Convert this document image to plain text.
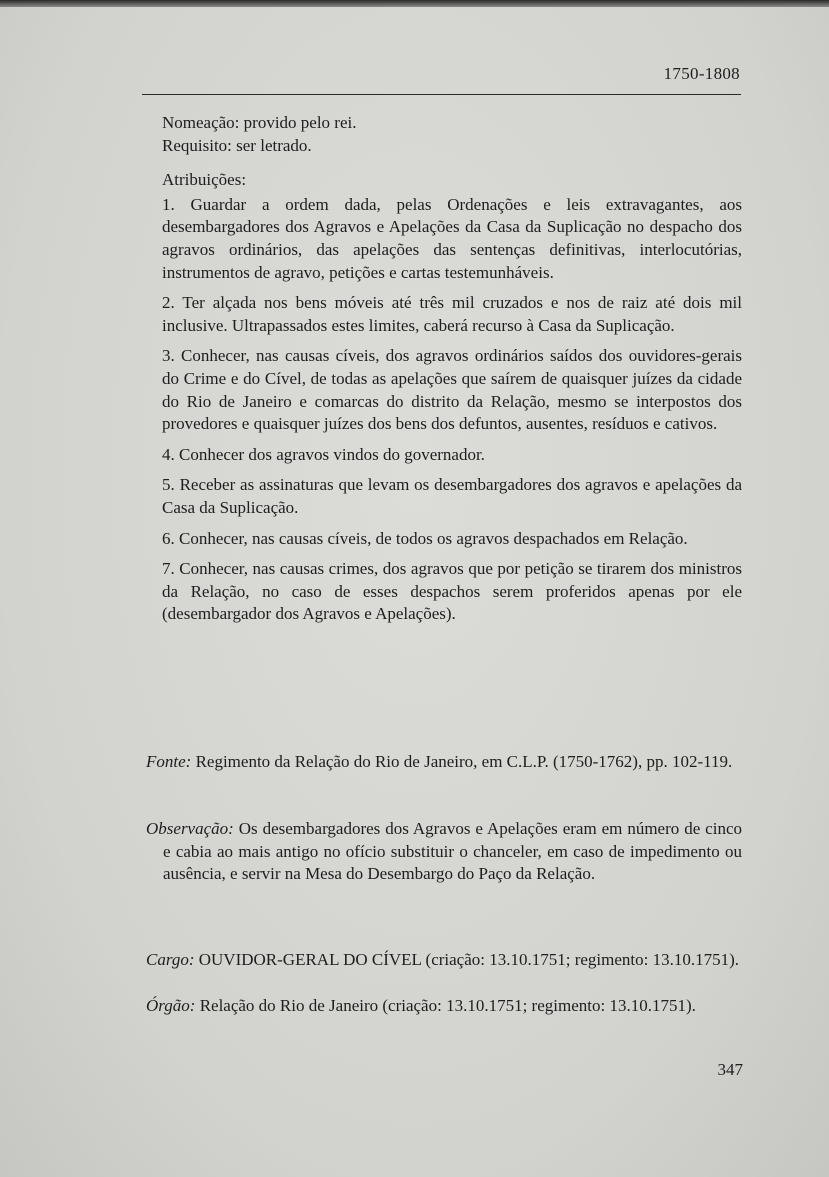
1750-1808

Nomeação: provido pelo rei.

Requisito: ser letrado.

Atribuições:

1. Guardar a ordem dada, pelas Ordenações e leis extravagantes, aos desembargadores dos Agravos e Apelações da Casa da Suplicação no despacho dos agravos ordinários, das apelações das sentenças definitivas, interlocutórias, instrumentos de agravo, petições e cartas testemunháveis.

2. Ter alçada nos bens móveis até três mil cruzados e nos de raiz até dois mil inclusive. Ultrapassados estes limites, caberá recurso à Casa da Suplicação.

3. Conhecer, nas causas cíveis, dos agravos ordinários saídos dos ouvidores-gerais do Crime e do Cível, de todas as apelações que saírem de quaisquer juízes da cidade do Rio de Janeiro e comarcas do distrito da Relação, mesmo se interpostos dos provedores e quaisquer juízes dos bens dos defuntos, ausentes, resíduos e cativos.

4. Conhecer dos agravos vindos do governador.

5. Receber as assinaturas que levam os desembargadores dos agravos e apelações da Casa da Suplicação.

6. Conhecer, nas causas cíveis, de todos os agravos despachados em Relação.

7. Conhecer, nas causas crimes, dos agravos que por petição se tirarem dos ministros da Relação, no caso de esses despachos serem proferidos apenas por ele (desembargador dos Agravos e Apelações).

Fonte: Regimento da Relação do Rio de Janeiro, em C.L.P. (1750-1762), pp. 102-119.

Observação: Os desembargadores dos Agravos e Apelações eram em número de cinco e cabia ao mais antigo no ofício substituir o chanceler, em caso de impedimento ou ausência, e servir na Mesa do Desembargo do Paço da Relação.

Cargo: OUVIDOR-GERAL DO CÍVEL (criação: 13.10.1751; regimento: 13.10.1751).

Órgão: Relação do Rio de Janeiro (criação: 13.10.1751; regimento: 13.10.1751).

347
